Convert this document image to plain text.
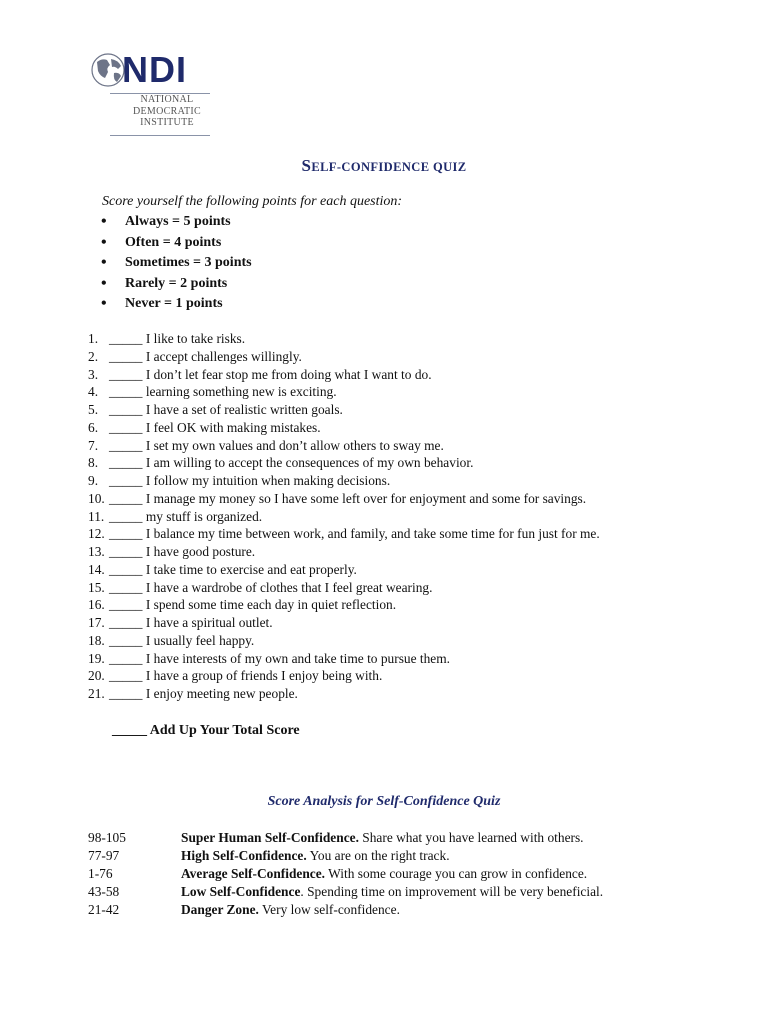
NDI
NATIONAL
DEMOCRATIC
INSTITUTE
SELF-CONFIDENCE QUIZ
Score yourself the following points for each question:
• Always = 5 points
• Often = 4 points
• Sometimes = 3 points
• Rarely = 2 points
• Never = 1 points
1. _____ I like to take risks.
2. _____ I accept challenges willingly.
3. _____ I don’t let fear stop me from doing what I want to do.
4. _____ learning something new is exciting.
5. _____ I have a set of realistic written goals.
6. _____ I feel OK with making mistakes.
7. _____ I set my own values and don’t allow others to sway me.
8. _____ I am willing to accept the consequences of my own behavior.
9. _____ I follow my intuition when making decisions.
10. _____ I manage my money so I have some left over for enjoyment and some for savings.
11. _____ my stuff is organized.
12. _____ I balance my time between work, and family, and take some time for fun just for me.
13. _____ I have good posture.
14. _____ I take time to exercise and eat properly.
15. _____ I have a wardrobe of clothes that I feel great wearing.
16. _____ I spend some time each day in quiet reflection.
17. _____ I have a spiritual outlet.
18. _____ I usually feel happy.
19. _____ I have interests of my own and take time to pursue them.
20. _____ I have a group of friends I enjoy being with.
21. _____ I enjoy meeting new people.
_____ Add Up Your Total Score
Score Analysis for Self-Confidence Quiz
98-105	Super Human Self-Confidence. Share what you have learned with others.
77-97	High Self-Confidence. You are on the right track.
1-76	Average Self-Confidence. With some courage you can grow in confidence.
43-58	Low Self-Confidence. Spending time on improvement will be very beneficial.
21-42	Danger Zone. Very low self-confidence.
